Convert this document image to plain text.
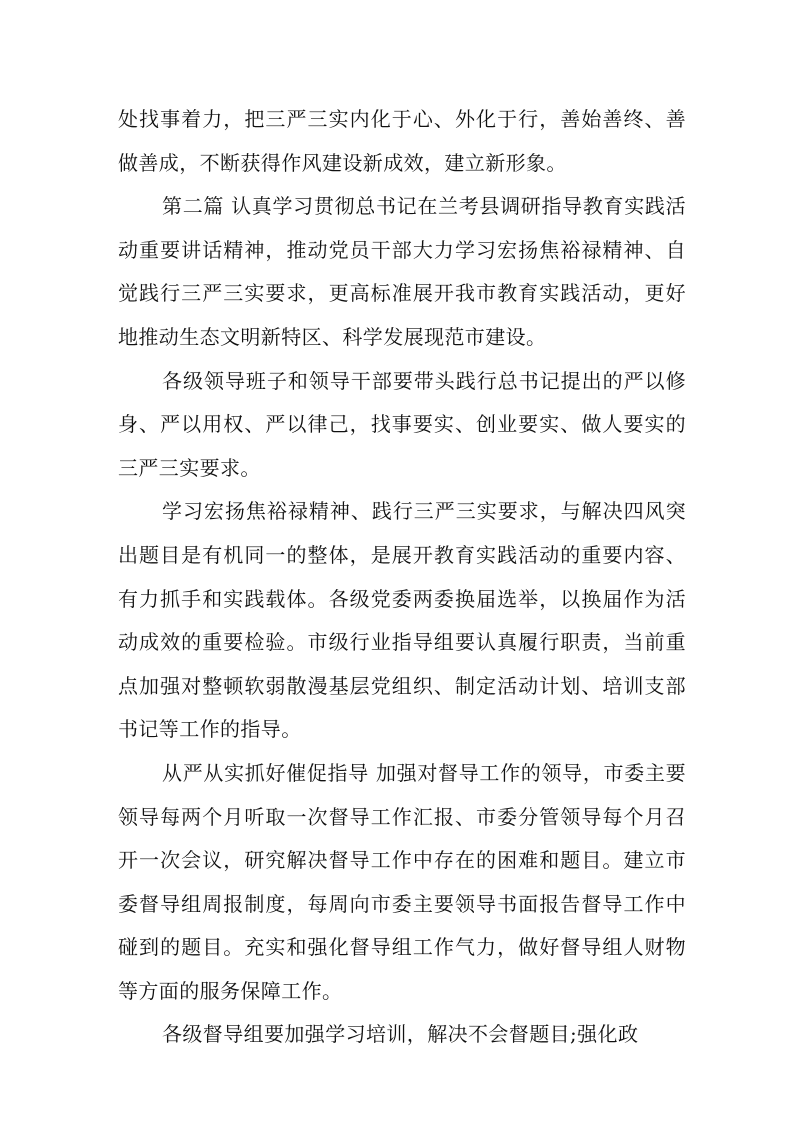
处找事着力，把三严三实内化于心、外化于行，善始善终、善做善成，不断获得作风建设新成效，建立新形象。

第二篇 认真学习贯彻总书记在兰考县调研指导教育实践活动重要讲话精神，推动党员干部大力学习宏扬焦裕禄精神、自觉践行三严三实要求，更高标准展开我市教育实践活动，更好地推动生态文明新特区、科学发展现范市建设。

各级领导班子和领导干部要带头践行总书记提出的严以修身、严以用权、严以律己，找事要实、创业要实、做人要实的三严三实要求。

学习宏扬焦裕禄精神、践行三严三实要求，与解决四风突出题目是有机同一的整体，是展开教育实践活动的重要内容、有力抓手和实践载体。各级党委两委换届选举，以换届作为活动成效的重要检验。市级行业指导组要认真履行职责，当前重点加强对整顿软弱散漫基层党组织、制定活动计划、培训支部书记等工作的指导。

从严从实抓好催促指导 加强对督导工作的领导，市委主要领导每两个月听取一次督导工作汇报、市委分管领导每个月召开一次会议，研究解决督导工作中存在的困难和题目。建立市委督导组周报制度，每周向市委主要领导书面报告督导工作中碰到的题目。充实和强化督导组工作气力，做好督导组人财物等方面的服务保障工作。

各级督导组要加强学习培训，解决不会督题目;强化政
